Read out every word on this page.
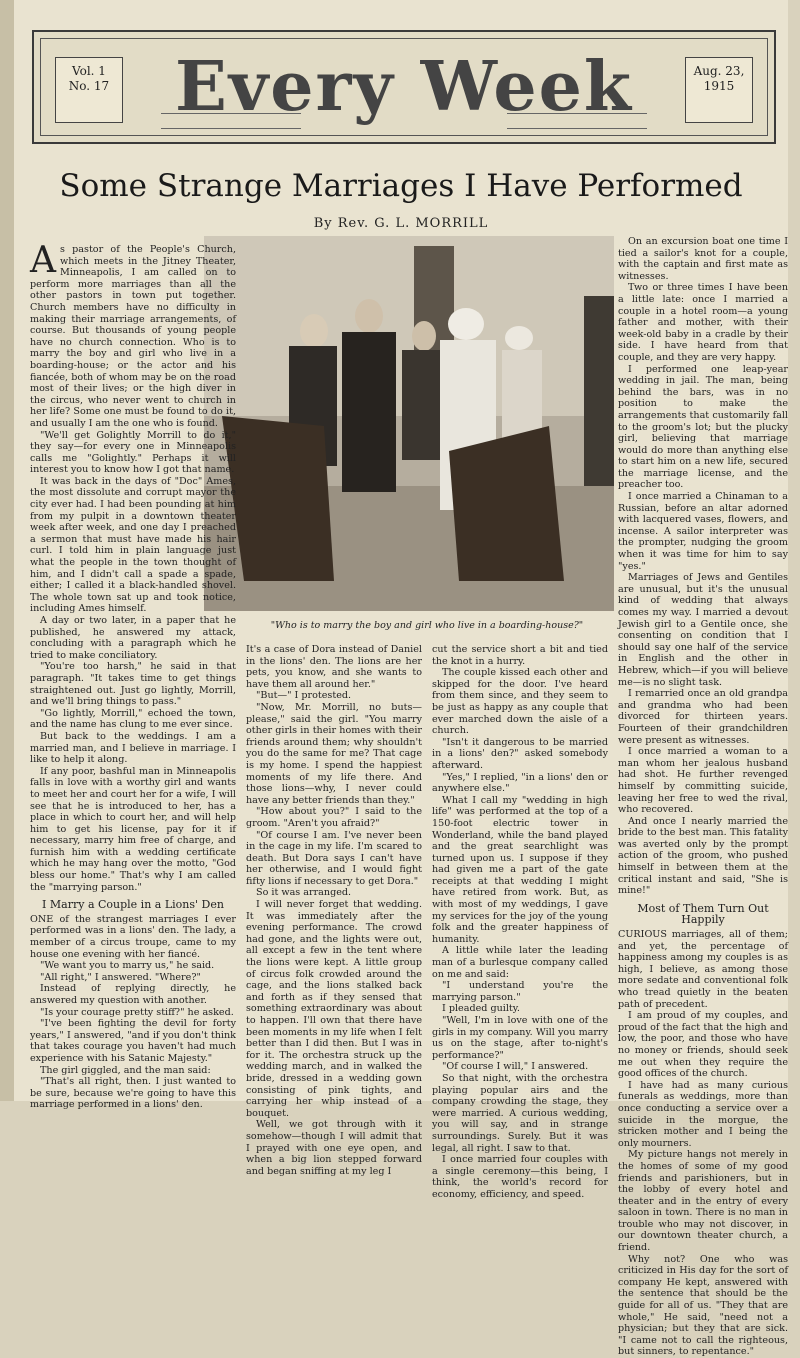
Vol. 1
No. 17 Every Week	Aug. 23,
1915
Some Strange Marriages I Have Performed
By Rev. G. L. MORRILL
"Who is to marry the boy and girl who live in a boarding-house?"

As pastor of the People's Church, which meets in the Jitney Theater, Minneapolis, I am called on to perform more marriages than all the other pastors in town put together. Church members have no difficulty in making their marriage arrangements, of course. But thousands of young people have no church connection. Who is to marry the boy and girl who live in a boarding-house; or the actor and his fiancée, both of whom may be on the road most of their lives; or the high diver in the circus, who never went to church in her life? Some one must be found to do it, and usually I am the one who is found.

"We'll get Golightly Morrill to do it," they say—for every one in Minneapolis calls me "Golightly." Perhaps it will interest you to know how I got that name.

It was back in the days of "Doc" Ames, the most dissolute and corrupt mayor the city ever had. I had been pounding at him from my pulpit in a downtown theater week after week, and one day I preached a sermon that must have made his hair curl. I told him in plain language just what the people in the town thought of him, and I didn't call a spade a spade, either; I called it a black-handled shovel. The whole town sat up and took notice, including Ames himself.

A day or two later, in a paper that he published, he answered my attack, concluding with a paragraph which he tried to make conciliatory.

"You're too harsh," he said in that paragraph. "It takes time to get things straightened out. Just go lightly, Morrill, and we'll bring things to pass."

"Go lightly, Morrill," echoed the town, and the name has clung to me ever since.

But back to the weddings. I am a married man, and I believe in marriage. I like to help it along.

If any poor, bashful man in Minneapolis falls in love with a worthy girl and wants to meet her and court her for a wife, I will see that he is introduced to her, has a place in which to court her, and will help him to get his license, pay for it if necessary, marry him free of charge, and furnish him with a wedding certificate which he may hang over the motto, "God bless our home." That's why I am called the "marrying parson."

I Marry a Couple in a Lions' Den

ONE of the strangest marriages I ever performed was in a lions' den. The lady, a member of a circus troupe, came to my house one evening with her fiancé.

"We want you to marry us," he said.

"All right," I answered. "Where?"

Instead of replying directly, he answered my question with another.

"Is your courage pretty stiff?" he asked.

"I've been fighting the devil for forty years," I answered, "and if you don't think that takes courage you haven't had much experience with his Satanic Majesty."

The girl giggled, and the man said:

"That's all right, then. I just wanted to be sure, because we're going to have this marriage performed in a lions' den.

It's a case of Dora instead of Daniel in the lions' den. The lions are her pets, you know, and she wants to have them all around her."

"But—" I protested.

"Now, Mr. Morrill, no buts—please," said the girl. "You marry other girls in their homes with their friends around them; why shouldn't you do the same for me? That cage is my home. I spend the happiest moments of my life there. And those lions—why, I never could have any better friends than they."

"How about you?" I said to the groom. "Aren't you afraid?"

"Of course I am. I've never been in the cage in my life. I'm scared to death. But Dora says I can't have her otherwise, and I would fight fifty lions if necessary to get Dora."

So it was arranged.

I will never forget that wedding. It was immediately after the evening performance. The crowd had gone, and the lights were out, all except a few in the tent where the lions were kept. A little group of circus folk crowded around the cage, and the lions stalked back and forth as if they sensed that something extraordinary was about to happen. I'll own that there have been moments in my life when I felt better than I did then. But I was in for it. The orchestra struck up the wedding march, and in walked the bride, dressed in a wedding gown consisting of pink tights, and carrying her whip instead of a bouquet.

Well, we got through with it somehow—though I will admit that I prayed with one eye open, and when a big lion stepped forward and began sniffing at my leg I

cut the service short a bit and tied the knot in a hurry.

The couple kissed each other and skipped for the door. I've heard from them since, and they seem to be just as happy as any couple that ever marched down the aisle of a church.

"Isn't it dangerous to be married in a lions' den?" asked somebody afterward.

"Yes," I replied, "in a lions' den or anywhere else."

What I call my "wedding in high life" was performed at the top of a 150-foot electric tower in Wonderland, while the band played and the great searchlight was turned upon us. I suppose if they had given me a part of the gate receipts at that wedding I might have retired from work. But, as with most of my weddings, I gave my services for the joy of the young folk and the greater happiness of humanity.

A little while later the leading man of a burlesque company called on me and said:

"I understand you're the marrying parson."

I pleaded guilty.

"Well, I'm in love with one of the girls in my company. Will you marry us on the stage, after to-night's performance?"

"Of course I will," I answered.

So that night, with the orchestra playing popular airs and the company crowding the stage, they were married. A curious wedding, you will say, and in strange surroundings. Surely. But it was legal, all right. I saw to that.

I once married four couples with a single ceremony—this being, I think, the world's record for economy, efficiency, and speed.

On an excursion boat one time I tied a sailor's knot for a couple, with the captain and first mate as witnesses.

Two or three times I have been a little late: once I married a couple in a hotel room—a young father and mother, with their week-old baby in a cradle by their side. I have heard from that couple, and they are very happy.

I performed one leap-year wedding in jail. The man, being behind the bars, was in no position to make the arrangements that customarily fall to the groom's lot; but the plucky girl, believing that marriage would do more than anything else to start him on a new life, secured the marriage license, and the preacher too.

I once married a Chinaman to a Russian, before an altar adorned with lacquered vases, flowers, and incense. A sailor interpreter was the prompter, nudging the groom when it was time for him to say "yes."

Marriages of Jews and Gentiles are unusual, but it's the unusual kind of wedding that always comes my way. I married a devout Jewish girl to a Gentile once, she consenting on condition that I should say one half of the service in English and the other in Hebrew, which—if you will believe me—is no slight task.

I remarried once an old grandpa and grandma who had been divorced for thirteen years. Fourteen of their grandchildren were present as witnesses.

I once married a woman to a man whom her jealous husband had shot. He further revenged himself by committing suicide, leaving her free to wed the rival, who recovered.

And once I nearly married the bride to the best man. This fatality was averted only by the prompt action of the groom, who pushed himself in between them at the critical instant and said, "She is mine!"

Most of Them Turn Out Happily

CURIOUS marriages, all of them; and yet, the percentage of happiness among my couples is as high, I believe, as among those more sedate and conventional folk who tread quietly in the beaten path of precedent.

I am proud of my couples, and proud of the fact that the high and low, the poor, and those who have no money or friends, should seek me out when they require the good offices of the church.

I have had as many curious funerals as weddings, more than once conducting a service over a suicide in the morgue, the stricken mother and I being the only mourners.

My picture hangs not merely in the homes of some of my good friends and parishioners, but in the lobby of every hotel and theater and in the entry of every saloon in town. There is no man in trouble who may not discover, in our downtown theater church, a friend.

Why not? One who was criticized in His day for the sort of company He kept, answered with the sentence that should be the guide for all of us. "They that are whole," He said, "need not a physician; but they that are sick. "I came not to call the righteous, but sinners, to repentance."
